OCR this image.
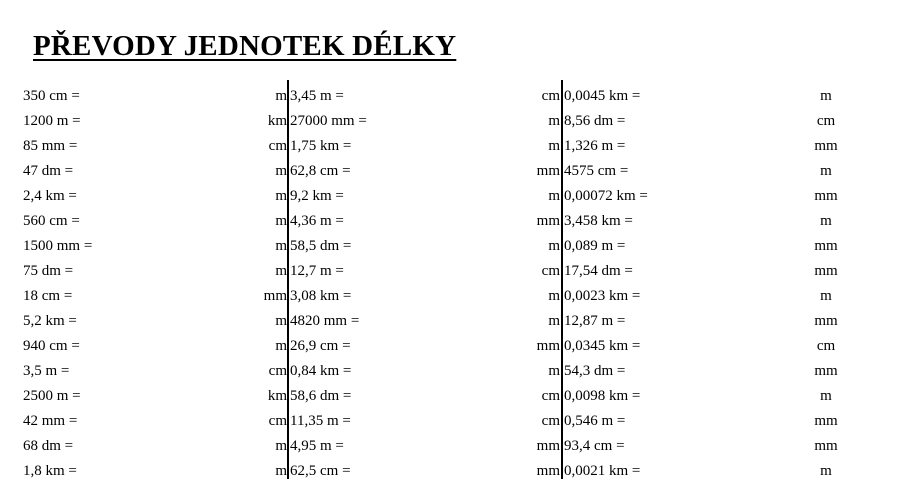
PŘEVODY JEDNOTEK DÉLKY
350 cm =	m
1200 m =	km
85 mm =	cm
47 dm =	m
2,4 km =	m
560 cm =	m
1500 mm =	m
75 dm =	m
18 cm =	mm
5,2 km =	m
940 cm =	m
3,5 m =	cm
2500 m =	km
42 mm =	cm
68 dm =	m
1,8 km =	m
3,45 m =	cm
27000 mm =	m
1,75 km =	m
62,8 cm =	mm
9,2 km =	m
4,36 m =	mm
58,5 dm =	m
12,7 m =	cm
3,08 km =	m
4820 mm =	m
26,9 cm =	mm
0,84 km =	m
58,6 dm =	cm
11,35 m =	cm
4,95 m =	mm
62,5 cm =	mm
0,0045 km =	m
8,56 dm =	cm
1,326 m =	mm
4575 cm =	m
0,00072 km =	mm
3,458 km =	m
0,089 m =	mm
17,54 dm =	mm
0,0023 km =	m
12,87 m =	mm
0,0345 km =	cm
54,3 dm =	mm
0,0098 km =	m
0,546 m =	mm
93,4 cm =	mm
0,0021 km =	m
